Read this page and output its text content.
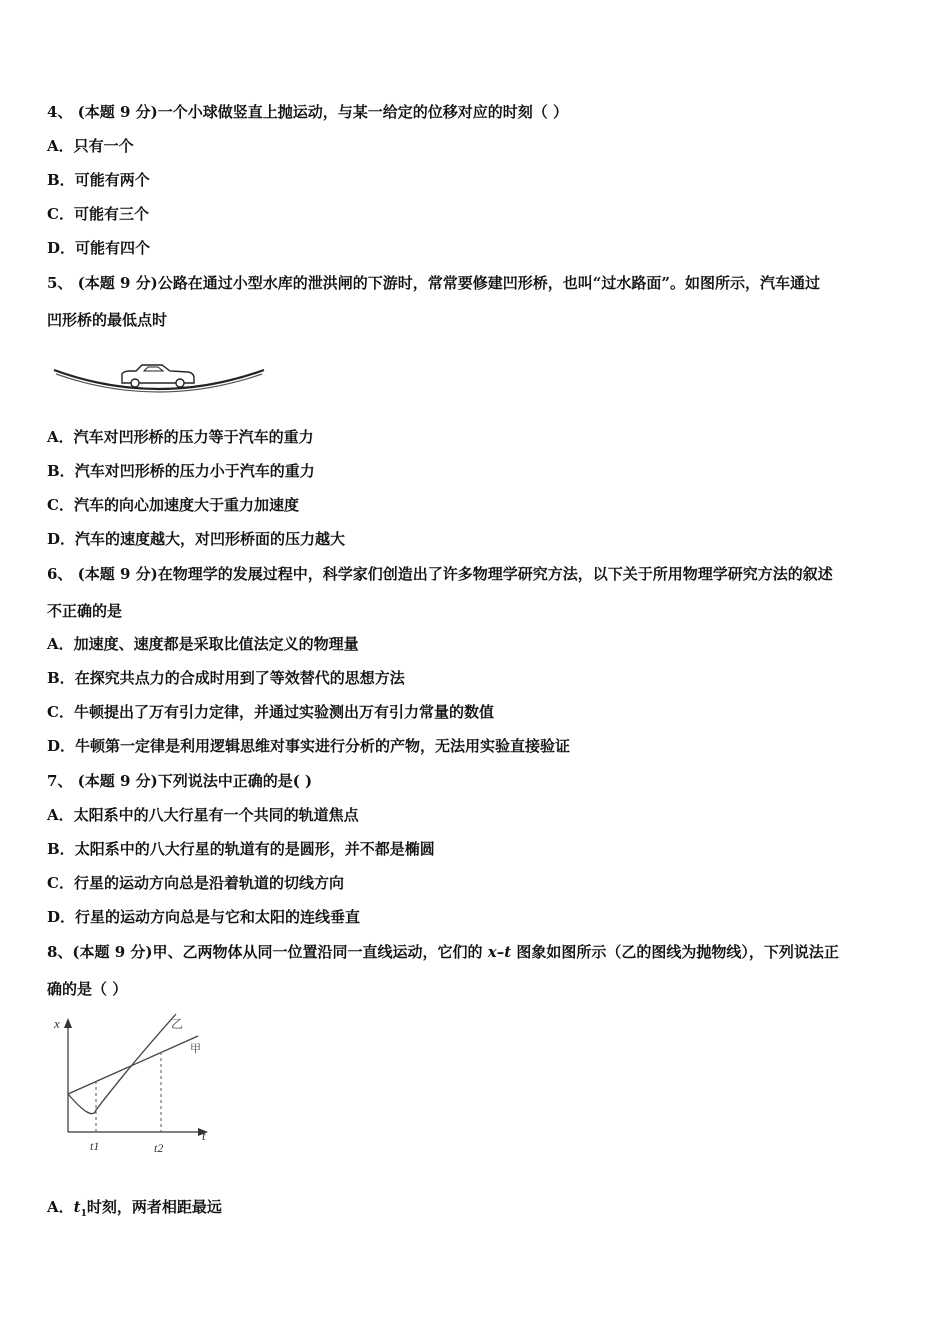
4、 (本题 9 分)一个小球做竖直上抛运动，与某一给定的位移对应的时刻（ ）
A．只有一个
B．可能有两个
C．可能有三个
D．可能有四个
5、 (本题 9 分)公路在通过小型水库的泄洪闸的下游时，常常要修建凹形桥，也叫“过水路面”。如图所示，汽车通过
凹形桥的最低点时
A．汽车对凹形桥的压力等于汽车的重力
B．汽车对凹形桥的压力小于汽车的重力
C．汽车的向心加速度大于重力加速度
D．汽车的速度越大，对凹形桥面的压力越大
6、 (本题 9 分)在物理学的发展过程中，科学家们创造出了许多物理学研究方法，以下关于所用物理学研究方法的叙述
不正确的是
A．加速度、速度都是采取比值法定义的物理量
B．在探究共点力的合成时用到了等效替代的思想方法
C．牛顿提出了万有引力定律，并通过实验测出万有引力常量的数值
D．牛顿第一定律是利用逻辑思维对事实进行分析的产物，无法用实验直接验证
7、 (本题 9 分)下列说法中正确的是( )
A．太阳系中的八大行星有一个共同的轨道焦点
B．太阳系中的八大行星的轨道有的是圆形，并不都是椭圆
C．行星的运动方向总是沿着轨道的切线方向
D．行星的运动方向总是与它和太阳的连线垂直
8、(本题 9 分)甲、乙两物体从同一位置沿同一直线运动，它们的 x–t 图象如图所示（乙的图线为抛物线），下列说法正
确的是（ ）
x
t
乙
甲
t1	t2
A．$t_1$时刻，两者相距最远
